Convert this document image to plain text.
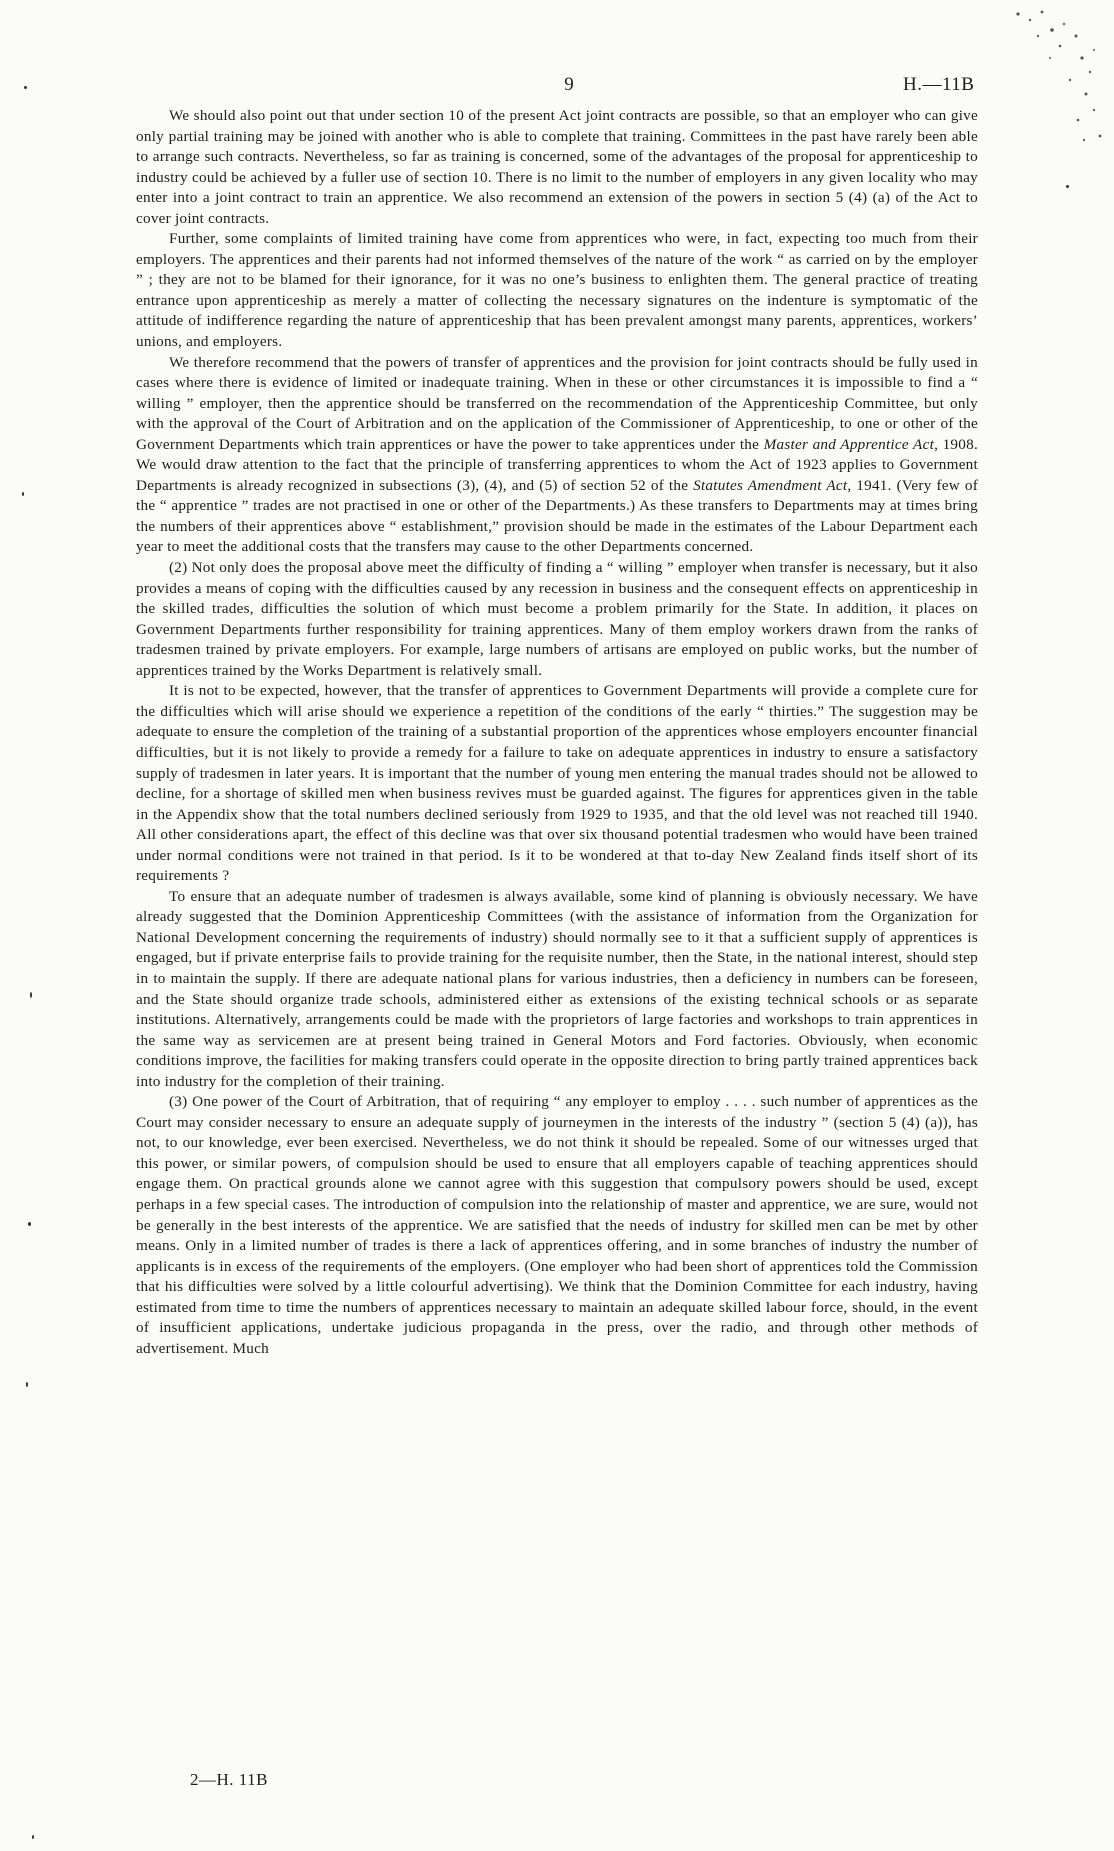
9	H.—11B

We should also point out that under section 10 of the present Act joint contracts are possible, so that an employer who can give only partial training may be joined with another who is able to complete that training. Committees in the past have rarely been able to arrange such contracts. Nevertheless, so far as training is concerned, some of the advantages of the proposal for apprenticeship to industry could be achieved by a fuller use of section 10. There is no limit to the number of employers in any given locality who may enter into a joint contract to train an apprentice. We also recommend an extension of the powers in section 5 (4) (a) of the Act to cover joint contracts.

Further, some complaints of limited training have come from apprentices who were, in fact, expecting too much from their employers. The apprentices and their parents had not informed themselves of the nature of the work “ as carried on by the employer ” ; they are not to be blamed for their ignorance, for it was no one’s business to enlighten them. The general practice of treating entrance upon apprenticeship as merely a matter of collecting the necessary signatures on the indenture is symptomatic of the attitude of indifference regarding the nature of apprenticeship that has been prevalent amongst many parents, apprentices, workers’ unions, and employers.

We therefore recommend that the powers of transfer of apprentices and the provision for joint contracts should be fully used in cases where there is evidence of limited or inadequate training. When in these or other circumstances it is impossible to find a “ willing ” employer, then the apprentice should be transferred on the recommendation of the Apprenticeship Committee, but only with the approval of the Court of Arbitration and on the application of the Commissioner of Apprenticeship, to one or other of the Government Departments which train apprentices or have the power to take apprentices under the Master and Apprentice Act, 1908. We would draw attention to the fact that the principle of transferring apprentices to whom the Act of 1923 applies to Government Departments is already recognized in subsections (3), (4), and (5) of section 52 of the Statutes Amendment Act, 1941. (Very few of the “ apprentice ” trades are not practised in one or other of the Departments.) As these transfers to Departments may at times bring the numbers of their apprentices above “ establishment,” provision should be made in the estimates of the Labour Department each year to meet the additional costs that the transfers may cause to the other Departments concerned.

(2) Not only does the proposal above meet the difficulty of finding a “ willing ” employer when transfer is necessary, but it also provides a means of coping with the difficulties caused by any recession in business and the consequent effects on apprenticeship in the skilled trades, difficulties the solution of which must become a problem primarily for the State. In addition, it places on Government Departments further responsibility for training apprentices. Many of them employ workers drawn from the ranks of tradesmen trained by private employers. For example, large numbers of artisans are employed on public works, but the number of apprentices trained by the Works Department is relatively small.

It is not to be expected, however, that the transfer of apprentices to Government Departments will provide a complete cure for the difficulties which will arise should we experience a repetition of the conditions of the early “ thirties.” The suggestion may be adequate to ensure the completion of the training of a substantial proportion of the apprentices whose employers encounter financial difficulties, but it is not likely to provide a remedy for a failure to take on adequate apprentices in industry to ensure a satisfactory supply of tradesmen in later years. It is important that the number of young men entering the manual trades should not be allowed to decline, for a shortage of skilled men when business revives must be guarded against. The figures for apprentices given in the table in the Appendix show that the total numbers declined seriously from 1929 to 1935, and that the old level was not reached till 1940. All other considerations apart, the effect of this decline was that over six thousand potential tradesmen who would have been trained under normal conditions were not trained in that period. Is it to be wondered at that to-day New Zealand finds itself short of its requirements ?

To ensure that an adequate number of tradesmen is always available, some kind of planning is obviously necessary. We have already suggested that the Dominion Apprenticeship Committees (with the assistance of information from the Organization for National Development concerning the requirements of industry) should normally see to it that a sufficient supply of apprentices is engaged, but if private enterprise fails to provide training for the requisite number, then the State, in the national interest, should step in to maintain the supply. If there are adequate national plans for various industries, then a deficiency in numbers can be foreseen, and the State should organize trade schools, administered either as extensions of the existing technical schools or as separate institutions. Alternatively, arrangements could be made with the proprietors of large factories and workshops to train apprentices in the same way as servicemen are at present being trained in General Motors and Ford factories. Obviously, when economic conditions improve, the facilities for making transfers could operate in the opposite direction to bring partly trained apprentices back into industry for the completion of their training.

(3) One power of the Court of Arbitration, that of requiring “ any employer to employ . . . . such number of apprentices as the Court may consider necessary to ensure an adequate supply of journeymen in the interests of the industry ” (section 5 (4) (a)), has not, to our knowledge, ever been exercised. Nevertheless, we do not think it should be repealed. Some of our witnesses urged that this power, or similar powers, of compulsion should be used to ensure that all employers capable of teaching apprentices should engage them. On practical grounds alone we cannot agree with this suggestion that compulsory powers should be used, except perhaps in a few special cases. The introduction of compulsion into the relationship of master and apprentice, we are sure, would not be generally in the best interests of the apprentice. We are satisfied that the needs of industry for skilled men can be met by other means. Only in a limited number of trades is there a lack of apprentices offering, and in some branches of industry the number of applicants is in excess of the requirements of the employers. (One employer who had been short of apprentices told the Commission that his difficulties were solved by a little colourful advertising). We think that the Dominion Committee for each industry, having estimated from time to time the numbers of apprentices necessary to maintain an adequate skilled labour force, should, in the event of insufficient applications, undertake judicious propaganda in the press, over the radio, and through other methods of advertisement. Much

2—H. 11B
